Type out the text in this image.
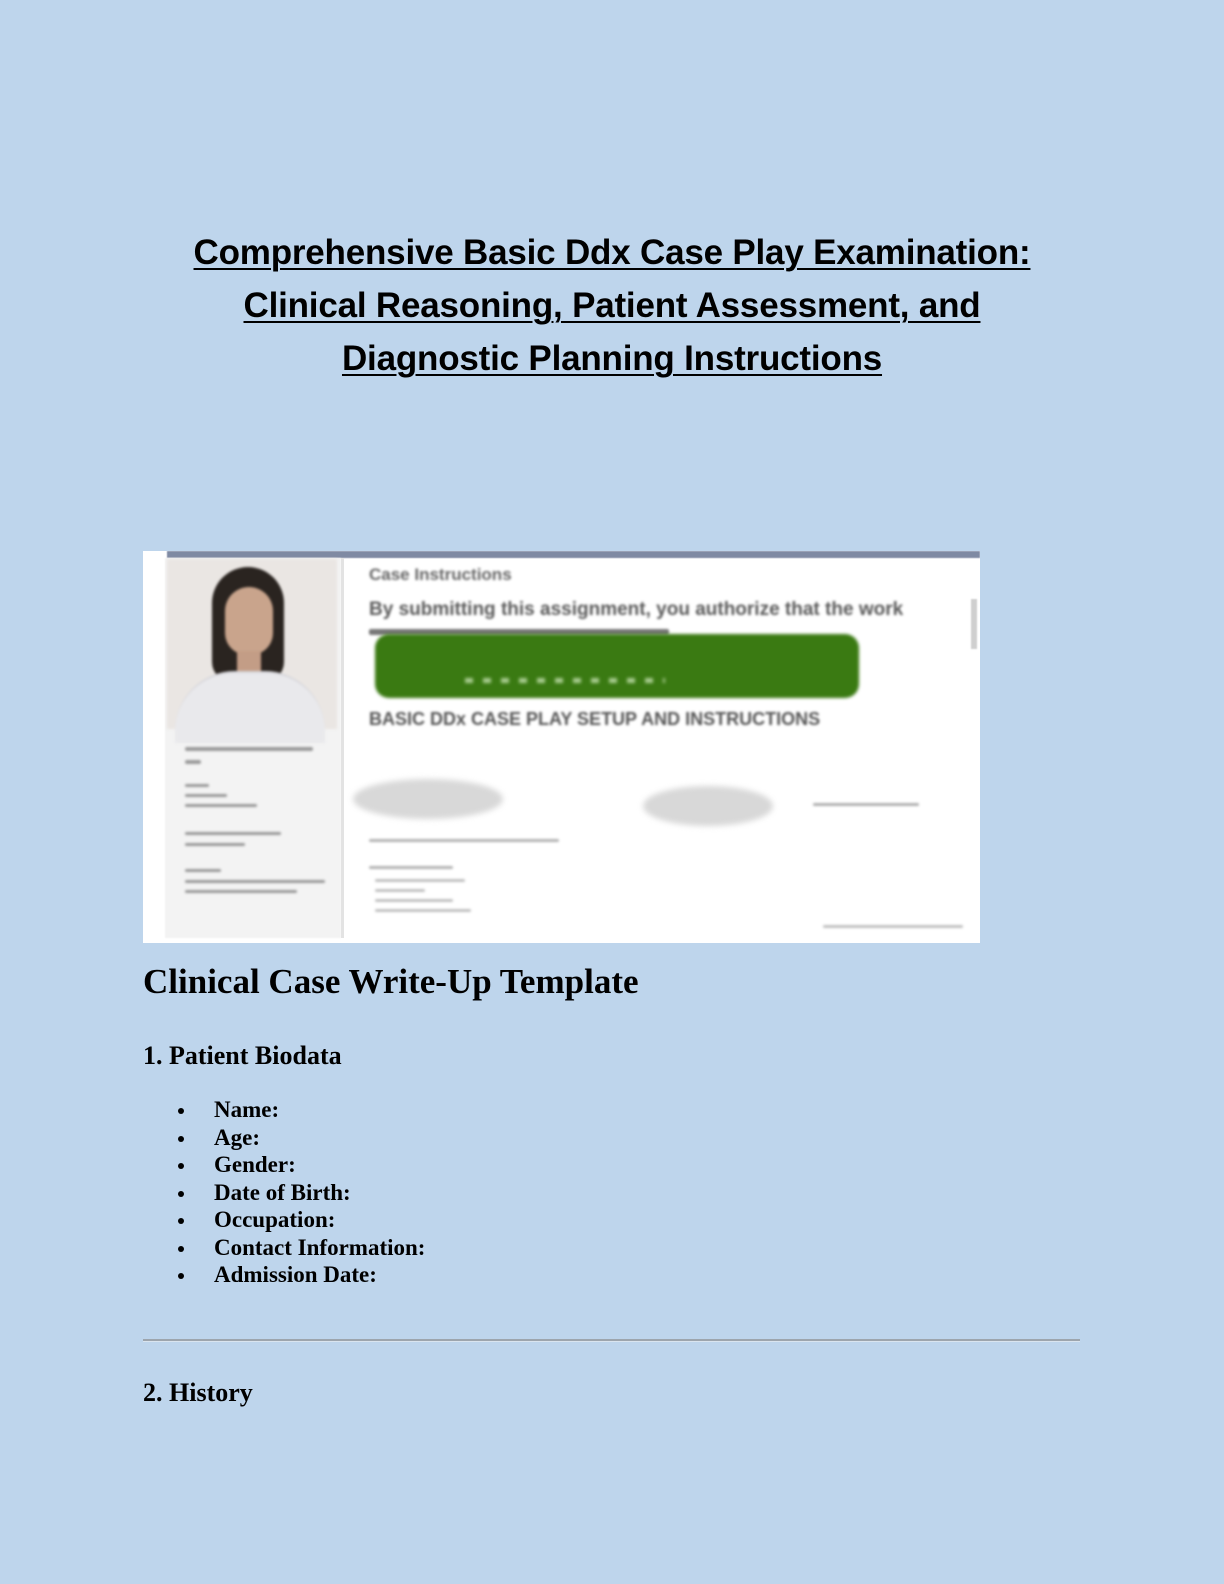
Comprehensive Basic Ddx Case Play Examination:
Clinical Reasoning, Patient Assessment, and
Diagnostic Planning Instructions
Case Instructions
By submitting this assignment, you authorize that the work
BASIC DDx CASE PLAY SETUP AND INSTRUCTIONS
Clinical Case Write-Up Template
1. Patient Biodata
Name:
Age:
Gender:
Date of Birth:
Occupation:
Contact Information:
Admission Date:
2. History
